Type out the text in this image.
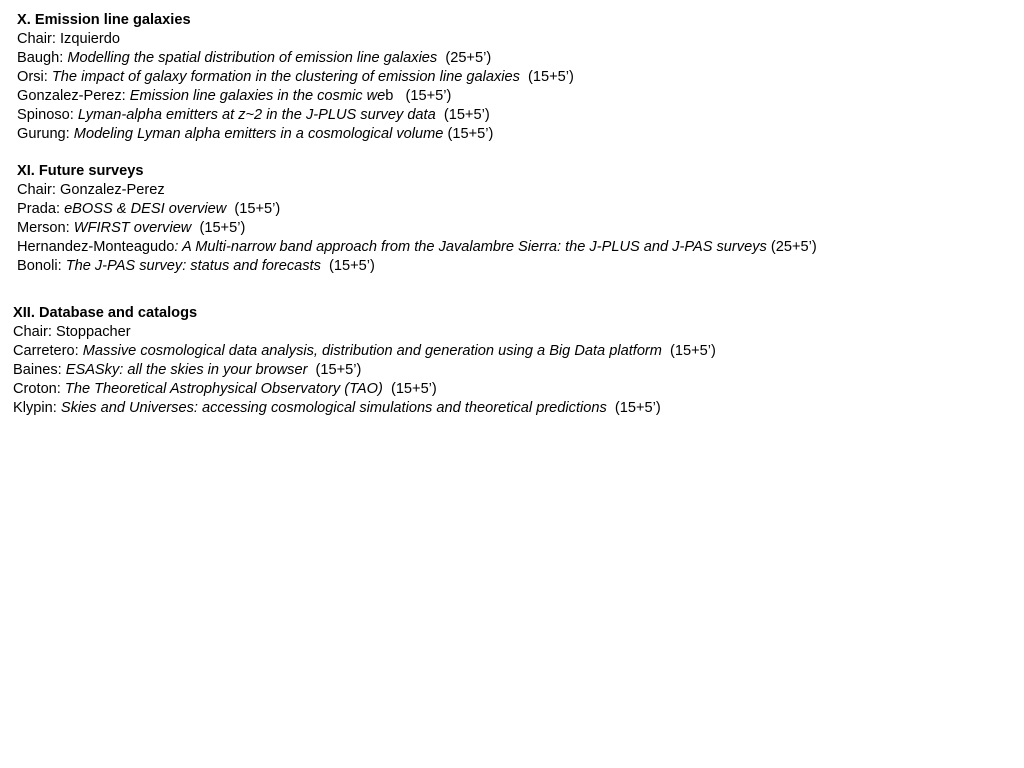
X. Emission line galaxies
Chair: Izquierdo
Baugh: Modelling the spatial distribution of emission line galaxies  (25+5’)
Orsi: The impact of galaxy formation in the clustering of emission line galaxies  (15+5’)
Gonzalez-Perez: Emission line galaxies in the cosmic web   (15+5’)
Spinoso: Lyman-alpha emitters at z~2 in the J-PLUS survey data  (15+5’)
Gurung: Modeling Lyman alpha emitters in a cosmological volume (15+5’)
XI. Future surveys
Chair: Gonzalez-Perez
Prada: eBOSS & DESI overview  (15+5’)
Merson: WFIRST overview  (15+5’)
Hernandez-Monteagudo: A Multi-narrow band approach from the Javalambre Sierra: the J-PLUS and J-PAS surveys (25+5’)
Bonoli: The J-PAS survey: status and forecasts  (15+5’)
XII. Database and catalogs
Chair: Stoppacher
Carretero: Massive cosmological data analysis, distribution and generation using a Big Data platform  (15+5’)
Baines: ESASky: all the skies in your browser  (15+5’)
Croton: The Theoretical Astrophysical Observatory (TAO)  (15+5’)
Klypin: Skies and Universes: accessing cosmological simulations and theoretical predictions  (15+5’)
